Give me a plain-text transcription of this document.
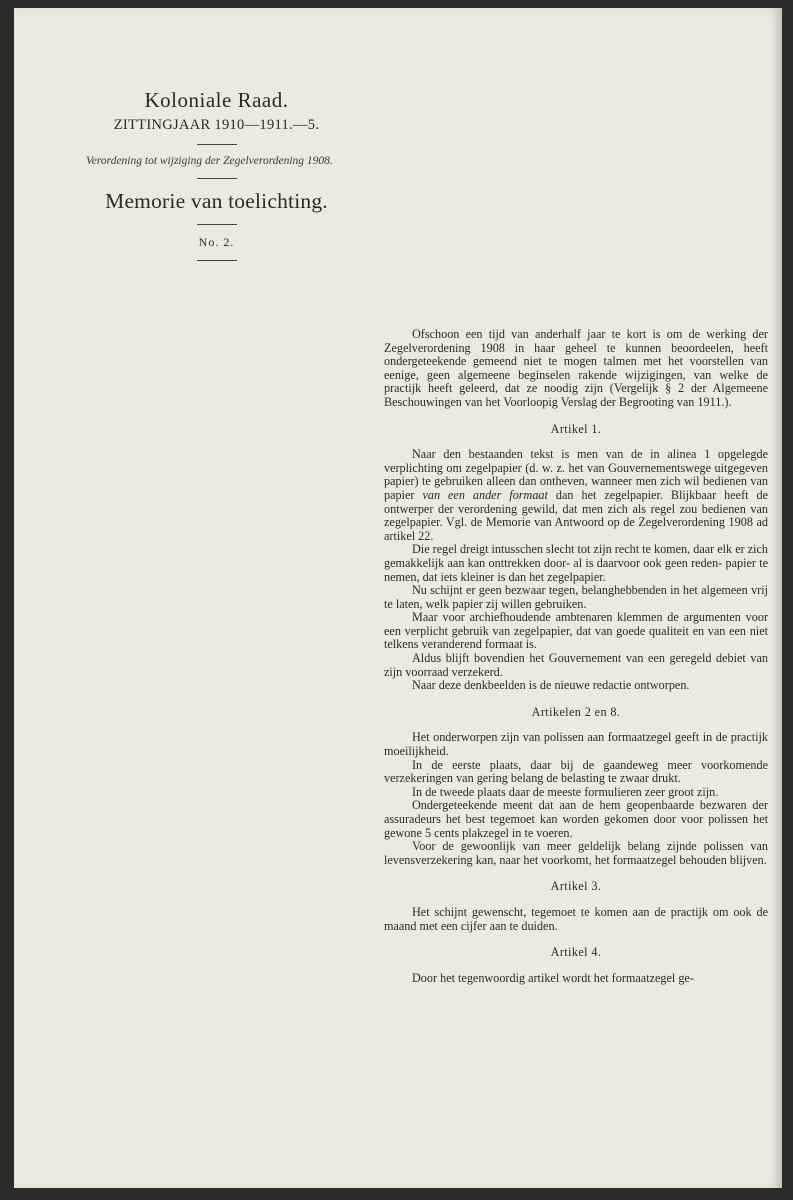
Koloniale Raad.
ZITTINGJAAR 1910—1911.—5.
Verordening tot wijziging der Zegelverordening 1908.
Memorie van toelichting.
No. 2.

Ofschoon een tijd van anderhalf jaar te kort is om de werking der Zegelverordening 1908 in haar geheel te kunnen beoordeelen, heeft ondergeteekende gemeend niet te mogen talmen met het voorstellen van eenige, geen algemeene beginselen rakende wijzigingen, van welke de practijk heeft geleerd, dat ze noodig zijn (Vergelijk § 2 der Algemeene Beschouwingen van het Voorloopig Verslag der Begrooting van 1911.).

Artikel 1.

Naar den bestaanden tekst is men van de in alinea 1 opgelegde verplichting om zegelpapier (d. w. z. het van Gouvernementswege uitgegeven papier) te gebruiken alleen dan ontheven, wanneer men zich wil bedienen van papier van een ander formaat dan het zegelpapier. Blijkbaar heeft de ontwerper der verordening gewild, dat men zich als regel zou bedienen van zegelpapier. Vgl. de Memorie van Antwoord op de Zegelverordening 1908 ad artikel 22.

Die regel dreigt intusschen slecht tot zijn recht te komen, daar elk er zich gemakkelijk aan kan onttrekken door- al is daarvoor ook geen reden- papier te nemen, dat iets kleiner is dan het zegelpapier.

Nu schijnt er geen bezwaar tegen, belanghebbenden in het algemeen vrij te laten, welk papier zij willen gebruiken.

Maar voor archiefhoudende ambtenaren klemmen de argumenten voor een verplicht gebruik van zegelpapier, dat van goede qualiteit en van een niet telkens veranderend formaat is.

Aldus blijft bovendien het Gouvernement van een geregeld debiet van zijn voorraad verzekerd.

Naar deze denkbeelden is de nieuwe redactie ontworpen.

Artikelen 2 en 8.

Het onderworpen zijn van polissen aan formaatzegel geeft in de practijk moeilijkheid.

In de eerste plaats, daar bij de gaandeweg meer voorkomende verzekeringen van gering belang de belasting te zwaar drukt.

In de tweede plaats daar de meeste formulieren zeer groot zijn.

Ondergeteekende meent dat aan de hem geopenbaarde bezwaren der assuradeurs het best tegemoet kan worden gekomen door voor polissen het gewone 5 cents plakzegel in te voeren.

Voor de gewoonlijk van meer geldelijk belang zijnde polissen van levensverzekering kan, naar het voorkomt, het formaatzegel behouden blijven.

Artikel 3.

Het schijnt gewenscht, tegemoet te komen aan de practijk om ook de maand met een cijfer aan te duiden.

Artikel 4.

Door het tegenwoordig artikel wordt het formaatzegel ge-
